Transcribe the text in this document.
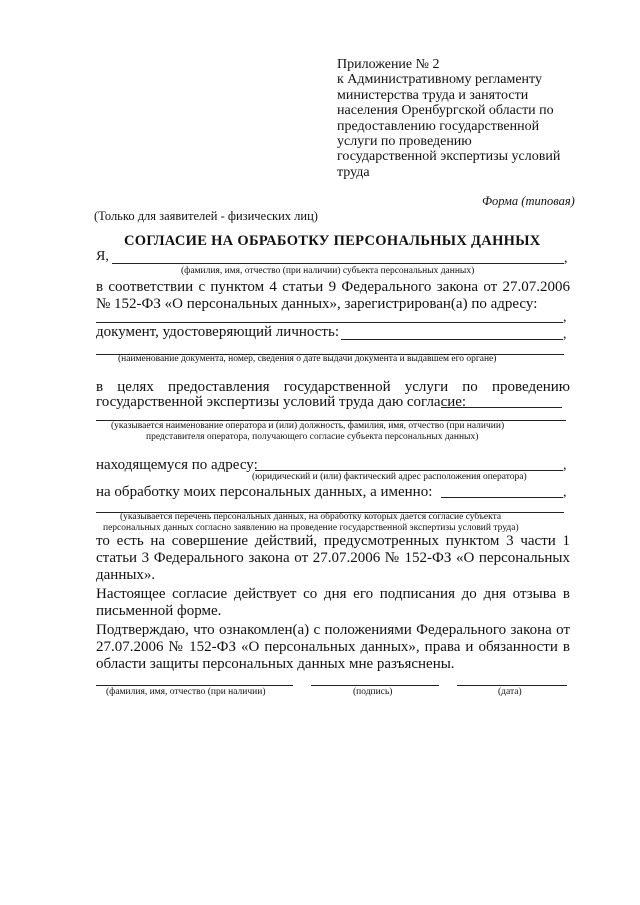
Приложение № 2
к Административному регламенту
министерства труда и занятости
населения Оренбургской области по
предоставлению государственной
услуги по проведению
государственной экспертизы условий
труда
Форма (типовая)
(Только для заявителей - физических лиц)
СОГЛАСИЕ НА ОБРАБОТКУ ПЕРСОНАЛЬНЫХ ДАННЫХ
Я,	,
(фамилия, имя, отчество (при наличии) субъекта персональных данных)
в соответствии с пунктом 4 статьи 9 Федерального закона от 27.07.2006
№ 152-ФЗ «О персональных данных», зарегистрирован(а) по адресу:
,
документ, удостоверяющий личность:	,
(наименование документа, номер, сведения о дате выдачи документа и выдавшем его органе)
в целях предоставления государственной услуги по проведению
государственной экспертизы условий труда даю согласие:
(указывается наименование оператора и (или) должность, фамилия, имя, отчество (при наличии)
представителя оператора, получающего согласие субъекта персональных данных)
находящемуся по адресу:	,
(юридический и (или) фактический адрес расположения оператора)
на обработку моих персональных данных, а именно:	,
(указывается перечень персональных данных, на обработку которых дается согласие субъекта
персональных данных согласно заявлению на проведение государственной экспертизы условий труда)
то есть на совершение действий, предусмотренных пунктом 3 части 1
статьи 3 Федерального закона от 27.07.2006 № 152-ФЗ «О персональных
данных».
Настоящее согласие действует со дня его подписания до дня отзыва в
письменной форме.
Подтверждаю, что ознакомлен(а) с положениями Федерального закона от
27.07.2006 № 152-ФЗ «О персональных данных», права и обязанности в
области защиты персональных данных мне разъяснены.
(фамилия, имя, отчество (при наличии)	(подпись)	(дата)
